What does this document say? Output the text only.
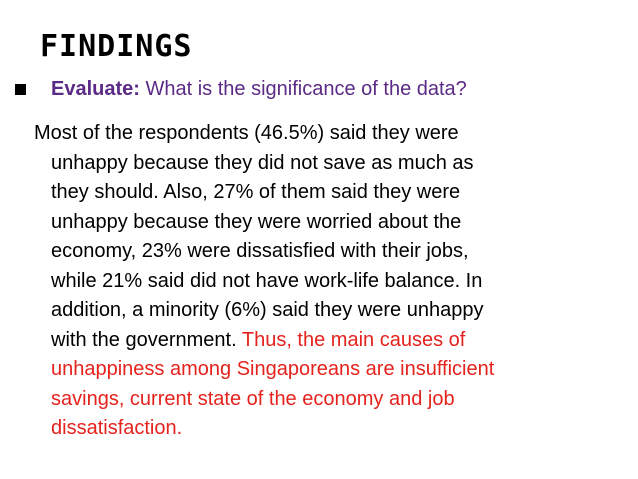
FINDINGS
Evaluate: What is the significance of the data?
Most of the respondents (46.5%) said they were
unhappy because they did not save as much as
they should. Also, 27% of them said they were
unhappy because they were worried about the
economy, 23% were dissatisfied with their jobs,
while 21% said did not have work-life balance. In
addition, a minority (6%) said they were unhappy
with the government. Thus, the main causes of
unhappiness among Singaporeans are insufficient
savings, current state of the economy and job
dissatisfaction.
